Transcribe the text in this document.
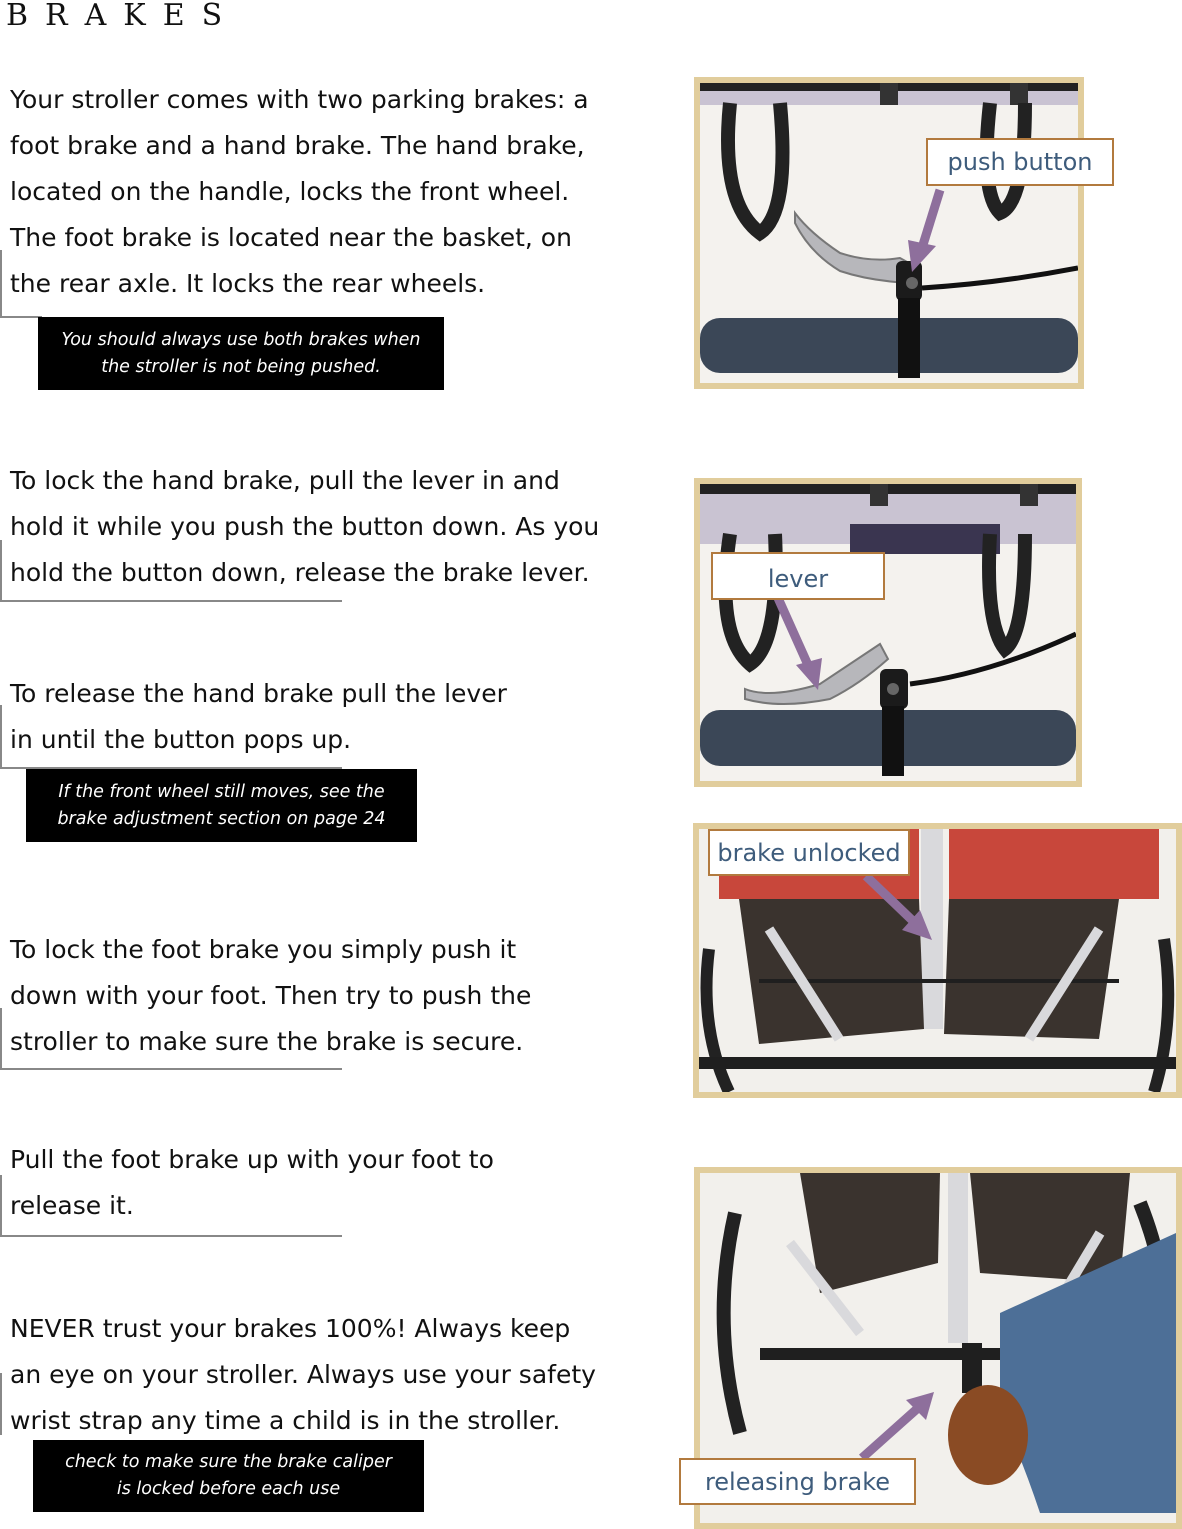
BRAKES
Your stroller comes with two parking brakes: a
foot brake and a hand brake. The hand brake,
located on the handle, locks the front wheel.
The foot brake is located near the basket, on
the rear axle. It locks the rear wheels.
You should always use both brakes when
the stroller is not being pushed.
To lock the hand brake, pull the lever in and
hold it while you push the button down. As you
hold the button down, release the brake lever.
To release the hand brake pull the lever
in until the button pops up.
If the front wheel still moves, see the
brake adjustment section on page 24
To lock the foot brake you simply push it
down with your foot. Then try to push the
stroller to make sure the brake is secure.
Pull the foot brake up with your foot to
release it.
NEVER trust your brakes 100%! Always keep
an eye on your stroller. Always use your safety
wrist strap any time a child is in the stroller.
check to make sure the brake caliper
is locked before each use
push button
lever
brake unlocked
releasing brake
